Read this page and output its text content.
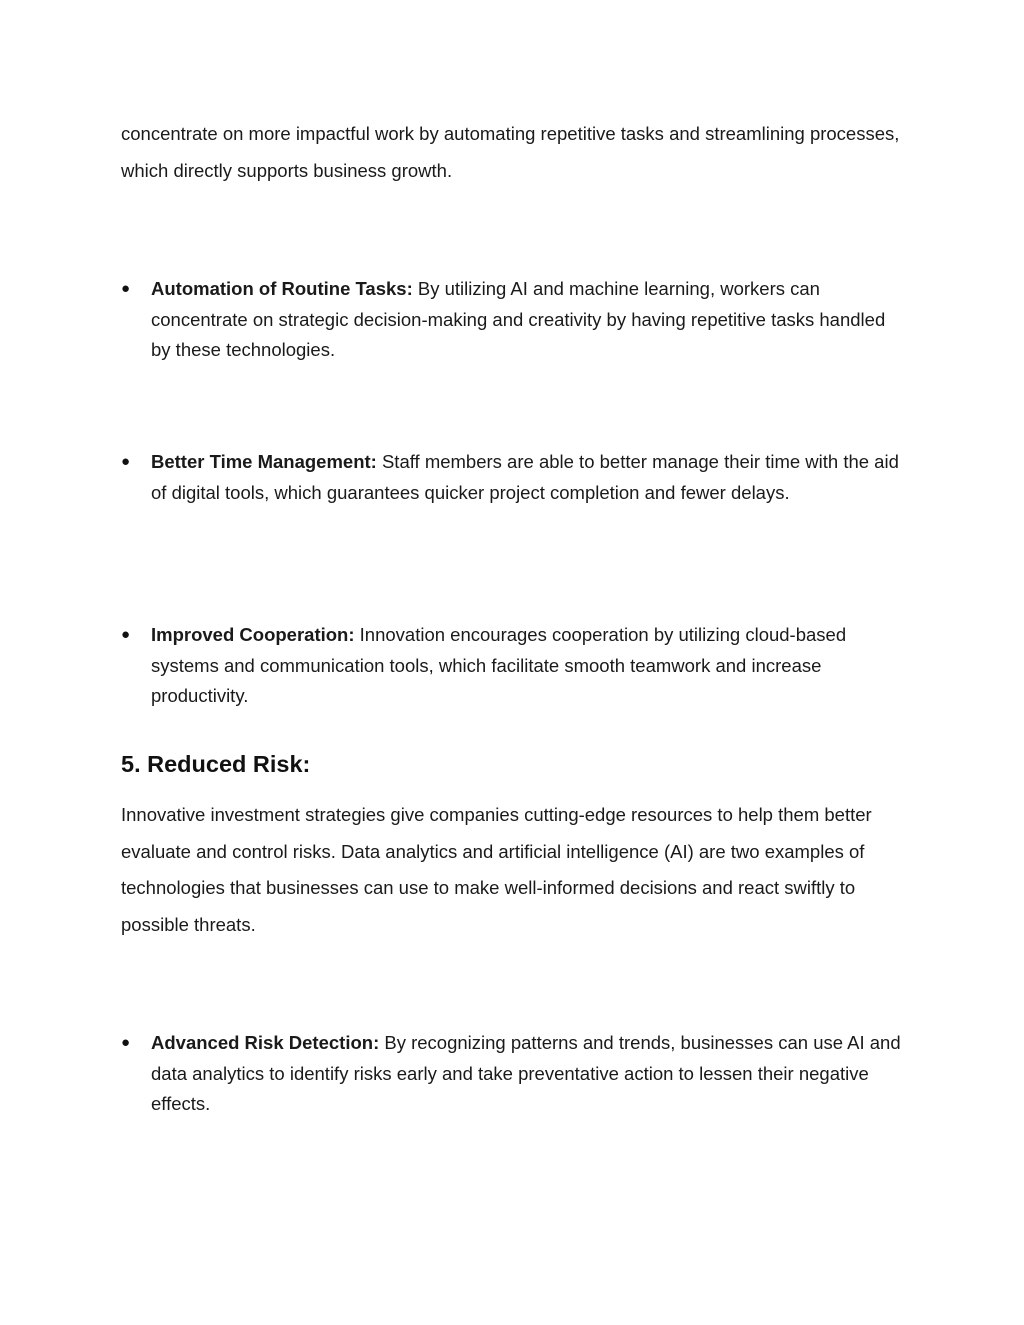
concentrate on more impactful work by automating repetitive tasks and streamlining processes, which directly supports business growth.

●	Automation of Routine Tasks: By utilizing AI and machine learning, workers can concentrate on strategic decision-making and creativity by having repetitive tasks handled by these technologies.

●	Better Time Management: Staff members are able to better manage their time with the aid of digital tools, which guarantees quicker project completion and fewer delays.

●	Improved Cooperation: Innovation encourages cooperation by utilizing cloud-based systems and communication tools, which facilitate smooth teamwork and increase productivity.

5. Reduced Risk:

Innovative investment strategies give companies cutting-edge resources to help them better evaluate and control risks. Data analytics and artificial intelligence (AI) are two examples of technologies that businesses can use to make well-informed decisions and react swiftly to possible threats.

●	Advanced Risk Detection: By recognizing patterns and trends, businesses can use AI and data analytics to identify risks early and take preventative action to lessen their negative effects.
